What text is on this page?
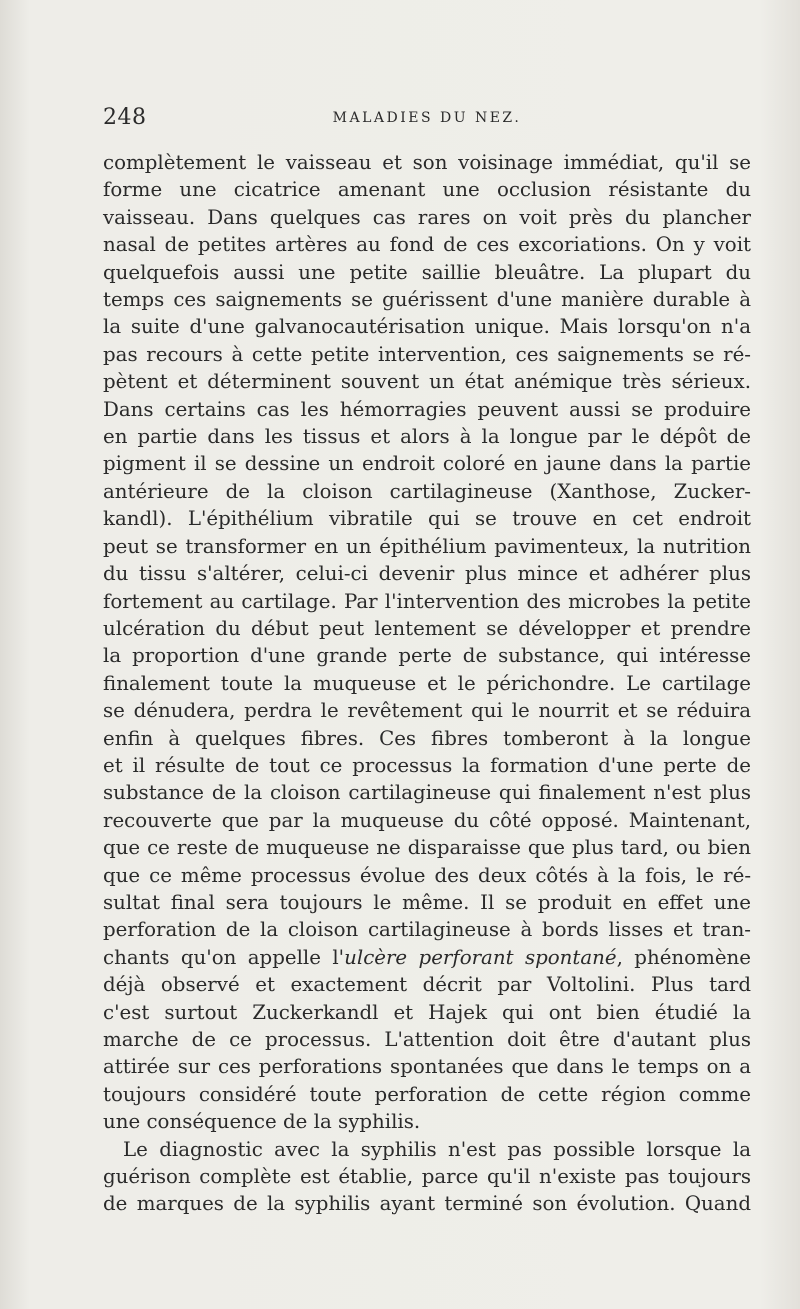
248	MALADIES DU NEZ.
complètement le vaisseau et son voisinage immédiat, qu'il se
forme une cicatrice amenant une occlusion résistante du
vaisseau. Dans quelques cas rares on voit près du plancher
nasal de petites artères au fond de ces excoriations. On y voit
quelquefois aussi une petite saillie bleuâtre. La plupart du
temps ces saignements se guérissent d'une manière durable à
la suite d'une galvanocautérisation unique. Mais lorsqu'on n'a
pas recours à cette petite intervention, ces saignements se ré-
pètent et déterminent souvent un état anémique très sérieux.
Dans certains cas les hémorragies peuvent aussi se produire
en partie dans les tissus et alors à la longue par le dépôt de
pigment il se dessine un endroit coloré en jaune dans la partie
antérieure de la cloison cartilagineuse (Xanthose, Zucker-
kandl). L'épithélium vibratile qui se trouve en cet endroit
peut se transformer en un épithélium pavimenteux, la nutrition
du tissu s'altérer, celui-ci devenir plus mince et adhérer plus
fortement au cartilage. Par l'intervention des microbes la petite
ulcération du début peut lentement se développer et prendre
la proportion d'une grande perte de substance, qui intéresse
finalement toute la muqueuse et le périchondre. Le cartilage
se dénudera, perdra le revêtement qui le nourrit et se réduira
enfin à quelques fibres. Ces fibres tomberont à la longue
et il résulte de tout ce processus la formation d'une perte de
substance de la cloison cartilagineuse qui finalement n'est plus
recouverte que par la muqueuse du côté opposé. Maintenant,
que ce reste de muqueuse ne disparaisse que plus tard, ou bien
que ce même processus évolue des deux côtés à la fois, le ré-
sultat final sera toujours le même. Il se produit en effet une
perforation de la cloison cartilagineuse à bords lisses et tran-
chants qu'on appelle l'ulcère perforant spontané, phénomène
déjà observé et exactement décrit par Voltolini. Plus tard
c'est surtout Zuckerkandl et Hajek qui ont bien étudié la
marche de ce processus. L'attention doit être d'autant plus
attirée sur ces perforations spontanées que dans le temps on a
toujours considéré toute perforation de cette région comme
une conséquence de la syphilis.
Le diagnostic avec la syphilis n'est pas possible lorsque la
guérison complète est établie, parce qu'il n'existe pas toujours
de marques de la syphilis ayant terminé son évolution. Quand
